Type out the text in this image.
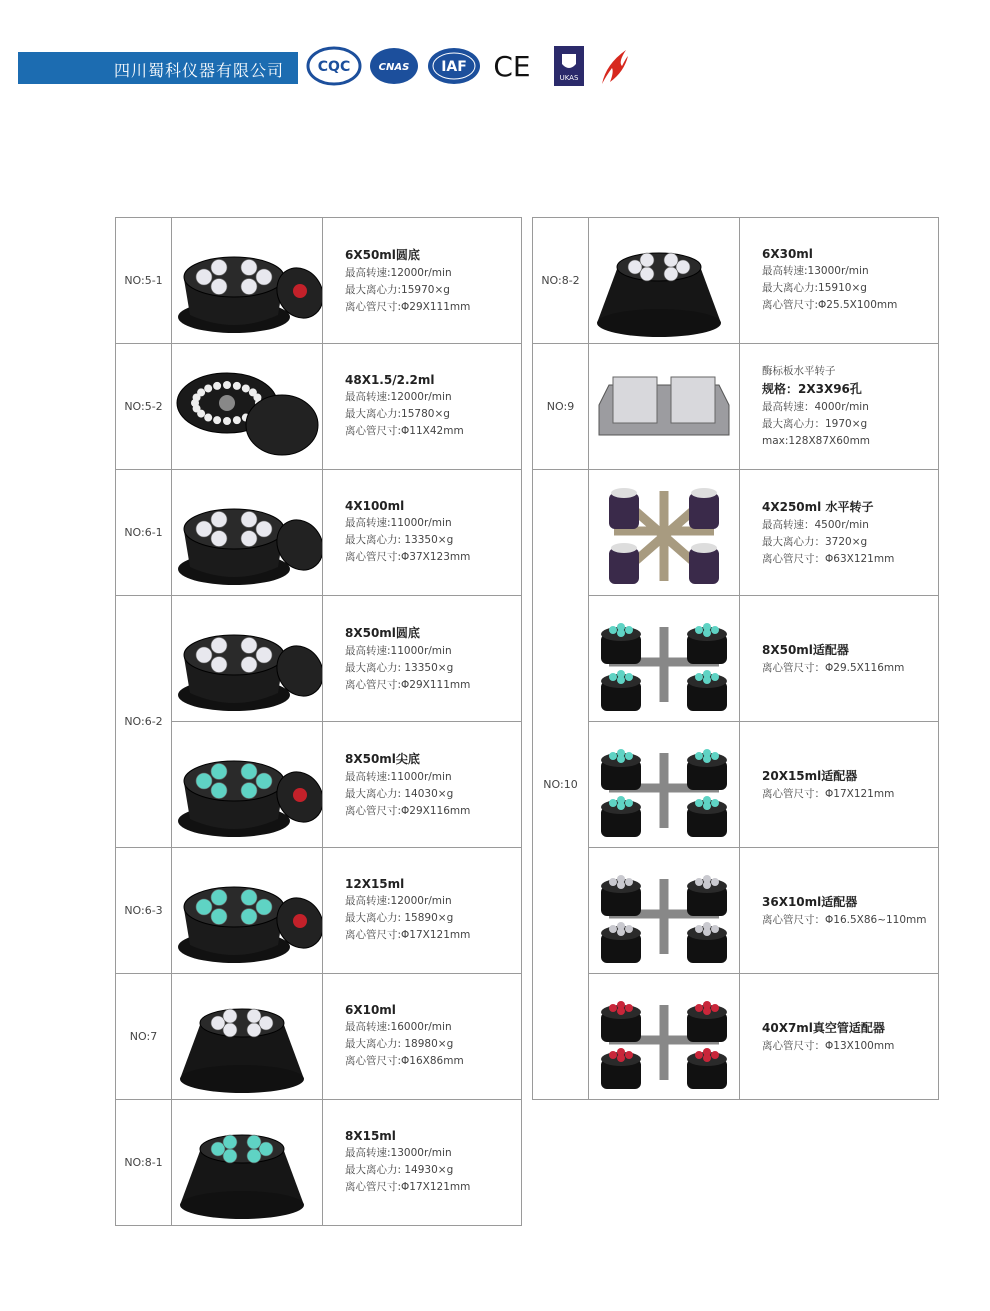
四川蜀科仪器有限公司 CQC	CNAS IAF CE	UKAS
NO:5-1		6X50ml圆底
最高转速:12000r/min
最大离心力:15970×g
离心管尺寸:Φ29X111mm

NO:5-2		48X1.5/2.2ml
最高转速:12000r/min
最大离心力:15780×g
离心管尺寸:Φ11X42mm

NO:6-1		4X100ml
最高转速:11000r/min
最大离心力: 13350×g
离心管尺寸:Φ37X123mm

NO:6-2		8X50ml圆底
最高转速:11000r/min
最大离心力: 13350×g
离心管尺寸:Φ29X111mm

8X50ml尖底
最高转速:11000r/min
最大离心力: 14030×g
离心管尺寸:Φ29X116mm

NO:6-3		12X15ml
最高转速:12000r/min
最大离心力: 15890×g
离心管尺寸:Φ17X121mm

NO:7		6X10ml
最高转速:16000r/min
最大离心力: 18980×g
离心管尺寸:Φ16X86mm

NO:8-1		8X15ml
最高转速:13000r/min
最大离心力: 14930×g
离心管尺寸:Φ17X121mm
NO:8-2		6X30ml
最高转速:13000r/min
最大离心力:15910×g
离心管尺寸:Φ25.5X100mm

NO:9		酶标板水平转子
规格：2X3X96孔
最高转速：4000r/min
最大离心力：1970×g
max:128X87X60mm

NO:10		4X250ml 水平转子
最高转速：4500r/min
最大离心力：3720×g
离心管尺寸：Φ63X121mm

8X50ml适配器
离心管尺寸：Φ29.5X116mm

20X15ml适配器
离心管尺寸：Φ17X121mm

36X10ml适配器
离心管尺寸：Φ16.5X86~110mm

40X7ml真空管适配器
离心管尺寸：Φ13X100mm
